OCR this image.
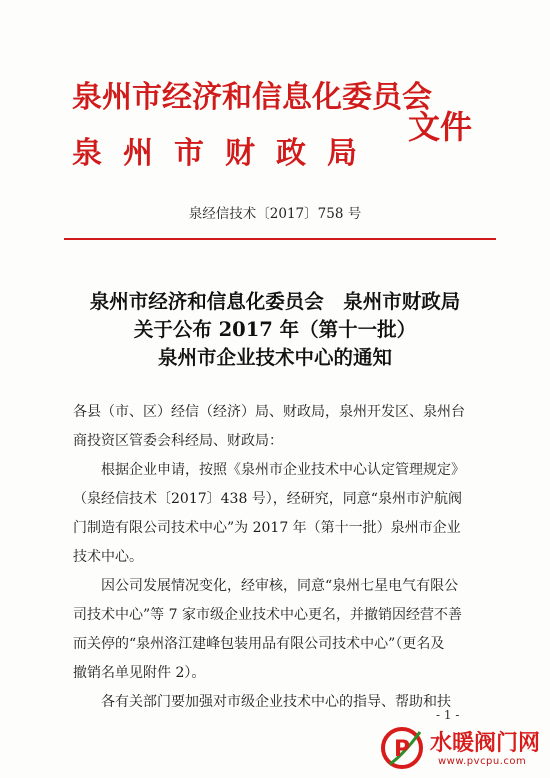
泉州市经济和信息化委员会
泉州市财政局
文件
泉经信技术〔2017〕758 号
泉州市经济和信息化委员会　泉州市财政局
关于公布 2017 年（第十一批）
泉州市企业技术中心的通知
各县（市、区）经信（经济）局、财政局，泉州开发区、泉州台
商投资区管委会科经局、财政局：
根据企业申请，按照《泉州市企业技术中心认定管理规定》
（泉经信技术〔2017〕438 号），经研究，同意“泉州市沪航阀
门制造有限公司技术中心”为 2017 年（第十一批）泉州市企业
技术中心。
因公司发展情况变化，经审核，同意“泉州七星电气有限公
司技术中心”等 7 家市级企业技术中心更名，并撤销因经营不善
而关停的“泉州洛江建峰包装用品有限公司技术中心”（更名及
撤销名单见附件 2）。
各有关部门要加强对市级企业技术中心的指导、帮助和扶
- 1 -
P 水暖阀门网
www.pvcpu.com
